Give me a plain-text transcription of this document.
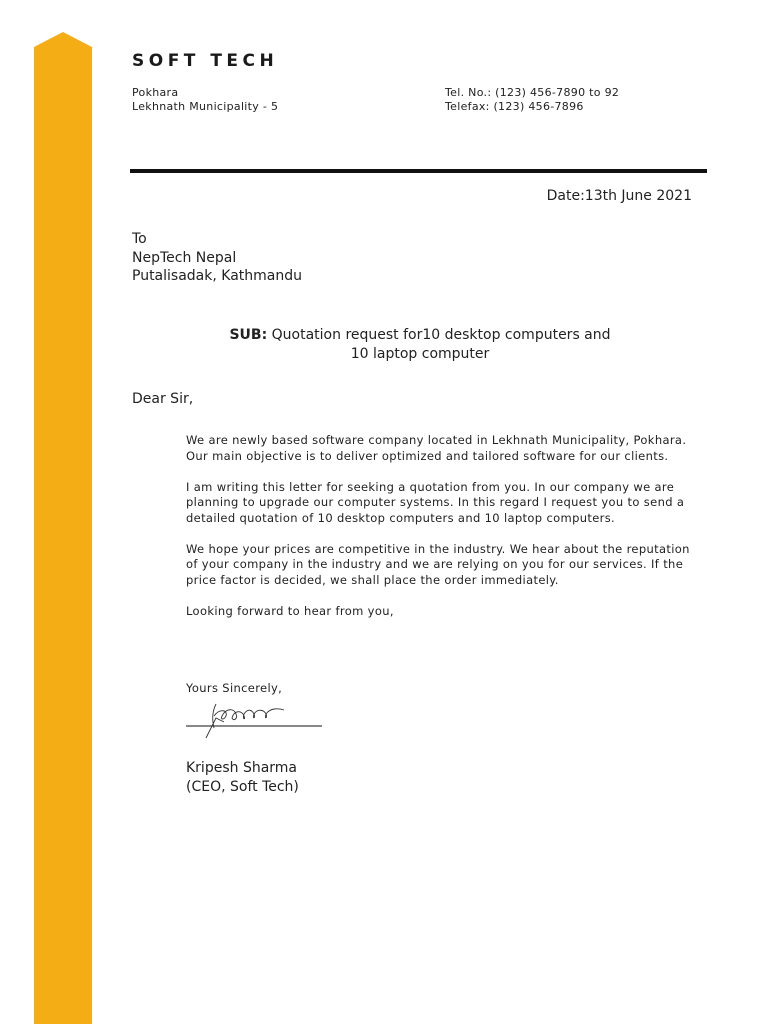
SOFT TECH
Pokhara
Lekhnath Municipality - 5
Tel. No.: (123) 456-7890 to 92
Telefax: (123) 456-7896
Date:13th June 2021
To
NepTech Nepal
Putalisadak, Kathmandu
SUB: Quotation request for10 desktop computers and 10 laptop computer
Dear Sir,

We are newly based software company located in Lekhnath Municipality, Pokhara. Our main objective is to deliver optimized and tailored software for our clients.

I am writing this letter for seeking a quotation from you. In our company we are planning to upgrade our computer systems. In this regard I request you to send a detailed quotation of 10 desktop computers and 10 laptop computers.

We hope your prices are competitive in the industry. We hear about the reputation of your company in the industry and we are relying on you for our services. If the price factor is decided, we shall place the order immediately.

Looking forward to hear from you,

Yours Sincerely,
Kripesh Sharma
(CEO, Soft Tech)
